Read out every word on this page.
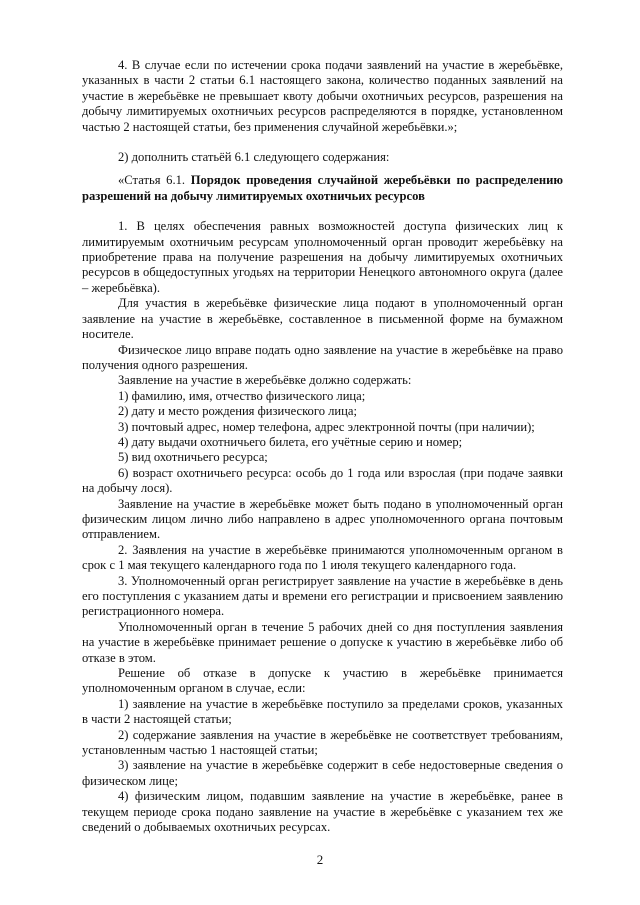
4. В случае если по истечении срока подачи заявлений на участие в жеребьёвке, указанных в части 2 статьи 6.1 настоящего закона, количество поданных заявлений на участие в жеребьёвке не превышает квоту добычи охотничьих ресурсов, разрешения на добычу лимитируемых охотничьих ресурсов распределяются в порядке, установленном частью 2 настоящей статьи, без применения случайной жеребьёвки.»;

2) дополнить статьёй 6.1 следующего содержания:

«Статья 6.1. Порядок проведения случайной жеребьёвки по распределению разрешений на добычу лимитируемых охотничьих ресурсов

1. В целях обеспечения равных возможностей доступа физических лиц к лимитируемым охотничьим ресурсам уполномоченный орган проводит жеребьёвку на приобретение права на получение разрешения на добычу лимитируемых охотничьих ресурсов в общедоступных угодьях на территории Ненецкого автономного округа (далее – жеребьёвка).

Для участия в жеребьёвке физические лица подают в уполномоченный орган заявление на участие в жеребьёвке, составленное в письменной форме на бумажном носителе.

Физическое лицо вправе подать одно заявление на участие в жеребьёвке на право получения одного разрешения.

Заявление на участие в жеребьёвке должно содержать:

1) фамилию, имя, отчество физического лица;

2) дату и место рождения физического лица;

3) почтовый адрес, номер телефона, адрес электронной почты (при наличии);

4) дату выдачи охотничьего билета, его учётные серию и номер;

5) вид охотничьего ресурса;

6) возраст охотничьего ресурса: особь до 1 года или взрослая (при подаче заявки на добычу лося).

Заявление на участие в жеребьёвке может быть подано в уполномоченный орган физическим лицом лично либо направлено в адрес уполномоченного органа почтовым отправлением.

2. Заявления на участие в жеребьёвке принимаются уполномоченным органом в срок с 1 мая текущего календарного года по 1 июля текущего календарного года.

3. Уполномоченный орган регистрирует заявление на участие в жеребьёвке в день его поступления с указанием даты и времени его регистрации и присвоением заявлению регистрационного номера.

Уполномоченный орган в течение 5 рабочих дней со дня поступления заявления на участие в жеребьёвке принимает решение о допуске к участию в жеребьёвке либо об отказе в этом.

Решение об отказе в допуске к участию в жеребьёвке принимается уполномоченным органом в случае, если:

1) заявление на участие в жеребьёвке поступило за пределами сроков, указанных в части 2 настоящей статьи;

2) содержание заявления на участие в жеребьёвке не соответствует требованиям, установленным частью 1 настоящей статьи;

3) заявление на участие в жеребьёвке содержит в себе недостоверные сведения о физическом лице;

4) физическим лицом, подавшим заявление на участие в жеребьёвке, ранее в текущем периоде срока подано заявление на участие в жеребьёвке с указанием тех же сведений о добываемых охотничьих ресурсах.

2
